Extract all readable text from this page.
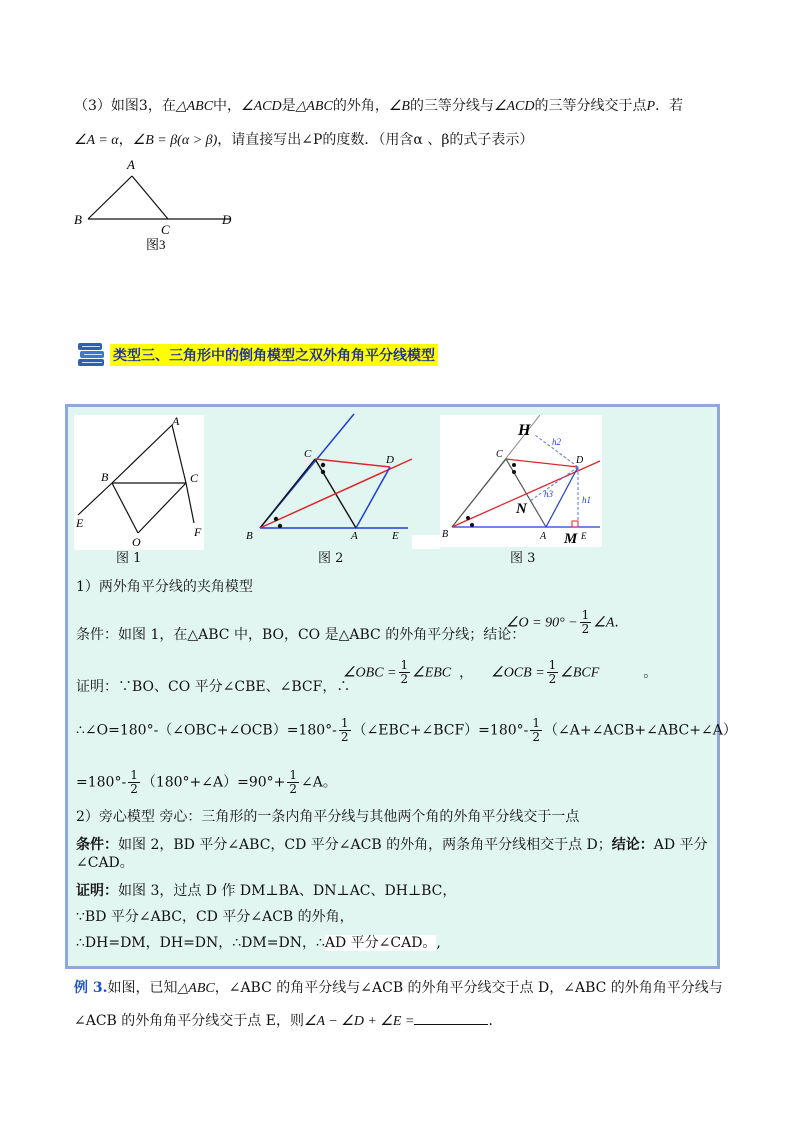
（3）如图3，在△ABC中，∠ACD是△ABC的外角，∠B的三等分线与∠ACD的三等分线交于点P．若
∠A = α，∠B = β(α > β)，请直接写出∠P的度数．（用含α 、β的式子表示）
A
B
C
D
图3
类型三、三角形中的倒角模型之双外角角平分线模型
A
B	C
E
O
F
图 1
C	D
B	A	E
图 2
H
h2
C
D
h3
N
h1
B	A M E
图 3
1）两外角平分线的夹角模型
条件：如图 1，在△ABC 中，BO，CO 是△ABC 的外角平分线；结论：
∠O = $90^\circ - \frac{1}{2}$ ∠A.
证明：∵BO、CO 平分∠CBE、∠BCF，∴
∠OBC = $\frac{1}{2}$ ∠EBC ， ∠OCB = $\frac{1}{2}$ ∠BCF	。
∴∠O=180°-（∠OBC+∠OCB）=180°- $\frac{1}{2}$ （∠EBC+∠BCF）=180°- $\frac{1}{2}$ （∠A+∠ACB+∠ABC+∠A）
$=180^\circ- \frac{1}{2}$ （180°+∠A）=90°+ $\frac{1}{2}$ ∠A。
2）旁心模型 旁心：三角形的一条内角平分线与其他两个角的外角平分线交于一点
条件：如图 2，BD 平分∠ABC，CD 平分∠ACB 的外角，两条角平分线相交于点 D；结论：AD 平分
∠CAD。
证明：如图 3，过点 D 作 DM⊥BA、DN⊥AC、DH⊥BC，
∵BD 平分∠ABC，CD 平分∠ACB 的外角，
∴DH=DM，DH=DN，∴DM=DN，∴AD 平分∠CAD。,
例 3.如图，已知△ABC，∠ABC 的角平分线与∠ACB 的外角平分线交于点 D，∠ABC 的外角角平分线与
∠ACB 的外角角平分线交于点 E，则∠A − ∠D + ∠E =	．
